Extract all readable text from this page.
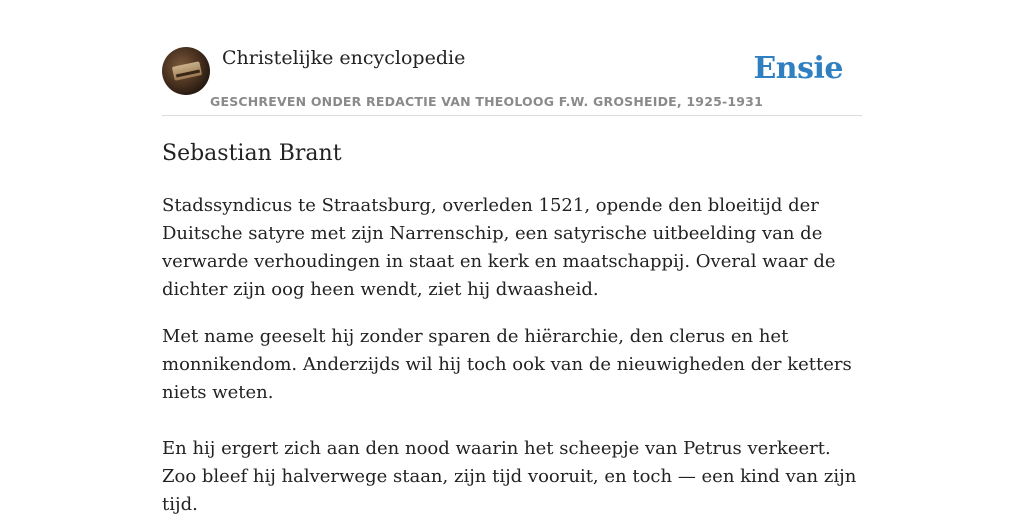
Christelijke encyclopedie
GESCHREVEN ONDER REDACTIE VAN THEOLOOG F.W. GROSHEIDE, 1925-1931
Ensie
Sebastian Brant

Stadssyndicus te Straatsburg, overleden 1521, opende den bloeitijd der Duitsche satyre met zijn Narrenschip, een satyrische uitbeelding van de verwarde verhoudingen in staat en kerk en maatschappij. Overal waar de dichter zijn oog heen wendt, ziet hij dwaasheid.

Met name geeselt hij zonder sparen de hiërarchie, den clerus en het monnikendom. Anderzijds wil hij toch ook van de nieuwigheden der ketters niets weten.

En hij ergert zich aan den nood waarin het scheepje van Petrus verkeert. Zoo bleef hij halverwege staan, zijn tijd vooruit, en toch — een kind van zijn tijd.
